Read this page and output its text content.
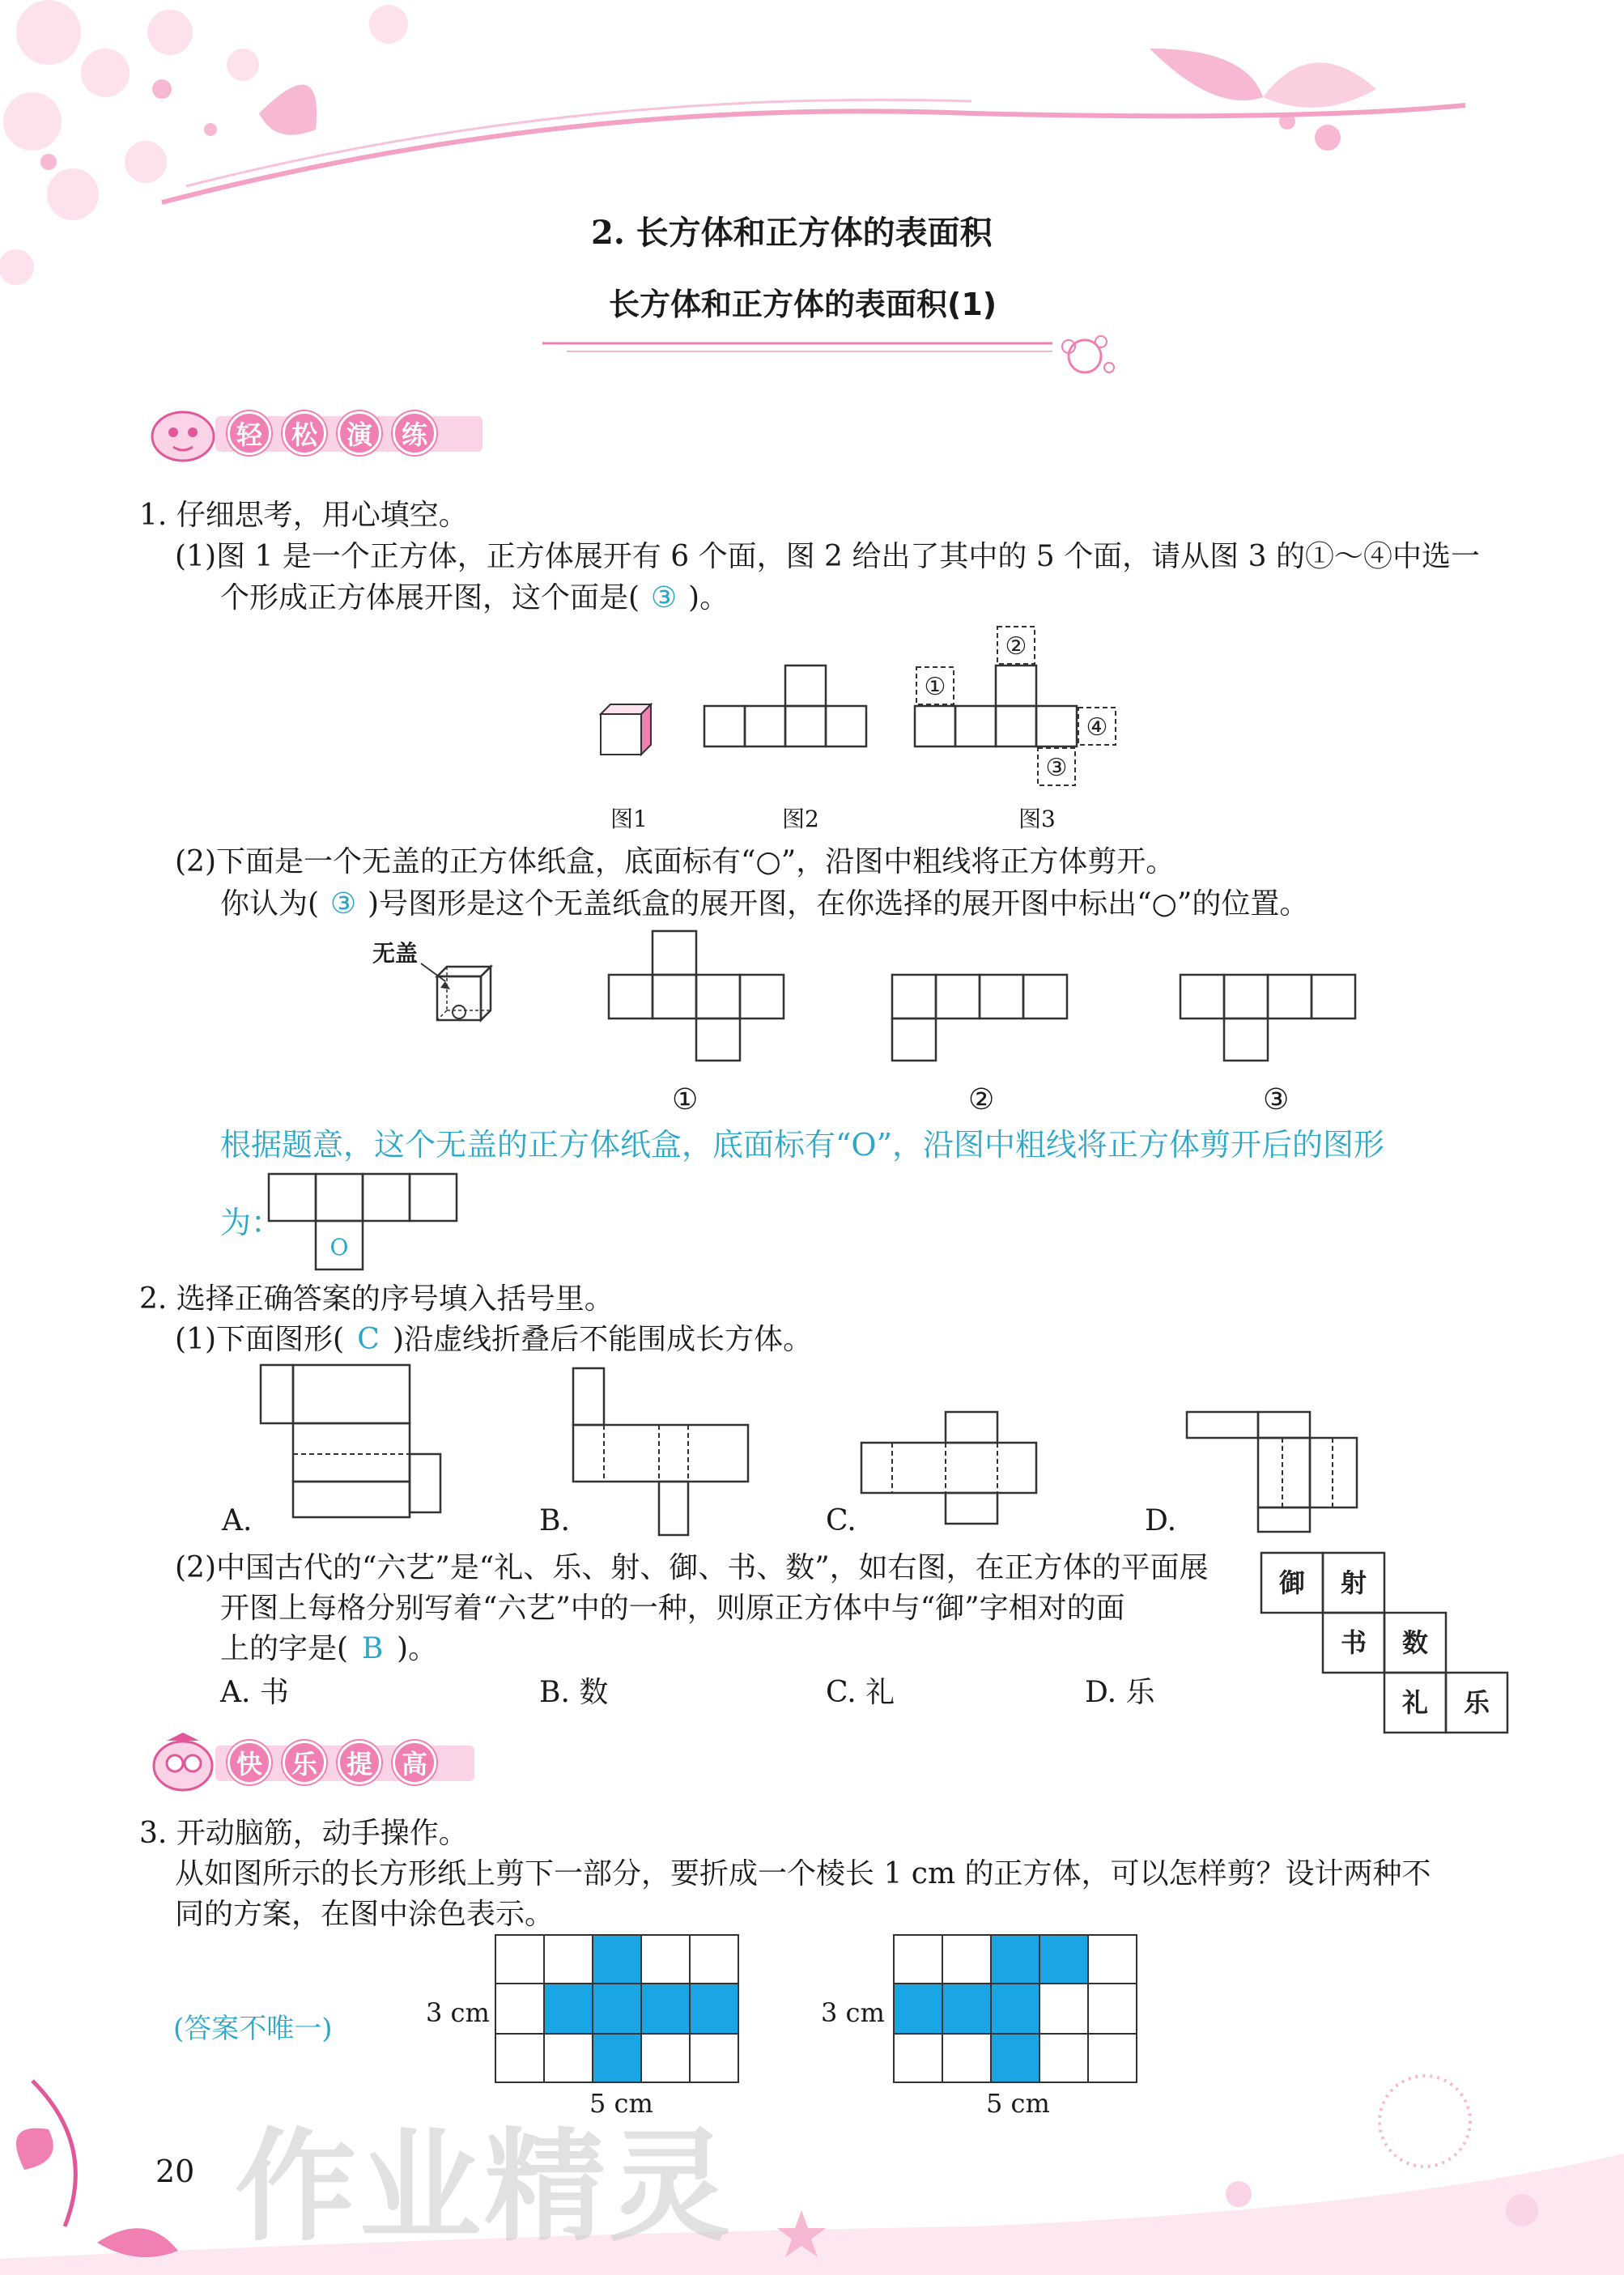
2. 长方体和正方体的表面积
长方体和正方体的表面积(1)
轻	松	演	练
1. 仔细思考，用心填空。
(1)图 1 是一个正方体，正方体展开有 6 个面，图 2 给出了其中的 5 个面，请从图 3 的①～④中选一
个形成正方体展开图，这个面是( ③ )。
①
②
③
④
图1	图2	图3
(2)下面是一个无盖的正方体纸盒，底面标有“○”，沿图中粗线将正方体剪开。
你认为( ③ )号图形是这个无盖纸盒的展开图，在你选择的展开图中标出“○”的位置。
无盖
①	②	③
根据题意，这个无盖的正方体纸盒，底面标有“O”，沿图中粗线将正方体剪开后的图形
为：
O
2. 选择正确答案的序号填入括号里。
(1)下面图形( C )沿虚线折叠后不能围成长方体。
A.	B.	C.	D.
(2)中国古代的“六艺”是“礼、乐、射、御、书、数”，如右图，在正方体的平面展
开图上每格分别写着“六艺”中的一种，则原正方体中与“御”字相对的面
上的字是( B )。
A. 书	B. 数	C. 礼	D. 乐
御 射
书 数
礼 乐
快	乐	提	高
3. 开动脑筋，动手操作。
从如图所示的长方形纸上剪下一部分，要折成一个棱长 1 cm 的正方体，可以怎样剪？设计两种不
同的方案，在图中涂色表示。
(答案不唯一)	3 cm
5 cm
3 cm
5 cm
20 作业精灵
